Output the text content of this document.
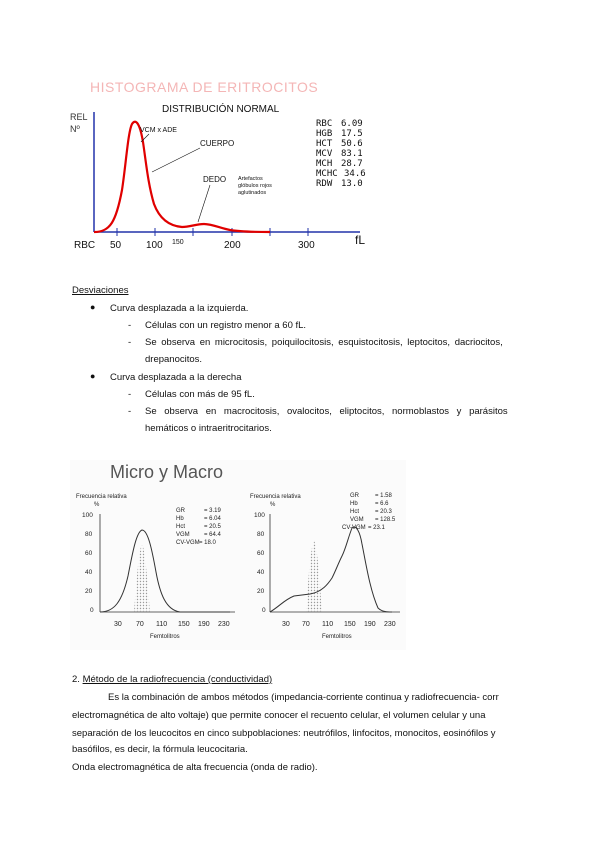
HISTOGRAMA DE ERITROCITOS
DISTRIBUCIÓN NORMAL
REL
Nº	VCM x ADE
CUERPO
DEDO Artefactos
glóbulos rojos
aglutinados
RBC 6.09
HGB 17.5
HCT 50.6
MCV 83.1
MCH 28.7
MCHC 34.6
RDW 13.0
RBC 50 100 150	200	300	fL
Desviaciones
● Curva desplazada a la izquierda.
- Células con un registro menor a 60 fL.
- Se observa en microcitosis, poiquilocitosis, esquistocitosis, leptocitos, dacriocitos,
drepanocitos.
● Curva desplazada a la derecha
- Células con más de 95 fL.
- Se observa en macrocitosis, ovalocitos, eliptocitos, normoblastos y parásitos
hemáticos o intraeritrocitarios.
Micro y Macro
Frecuencia relativa
%
100
80
60
40
20
0
GR	= 3.19
Hb	= 6.04
Hct	= 20.5
VGM = 64.4
CV-VGM = 18.0
30 70 110 150 190 230
Femtolitros
Frecuencia relativa
%
100
80
60
40
20
0
GR	= 1.58
Hb	= 6.6
Hct	= 20.3
VGM = 128.5
CV-VGM = 23.1
30 70 110 150 190 230
Femtolitros
2. Método de la radiofrecuencia (conductividad)
Es la combinación de ambos métodos (impedancia-corriente continua y radiofrecuencia- corr
electromagnética de alto voltaje) que permite conocer el recuento celular, el volumen celular y una
separación de los leucocitos en cinco subpoblaciones: neutrófilos, linfocitos, monocitos, eosinófilos y
basófilos, es decir, la fórmula leucocitaria.
Onda electromagnética de alta frecuencia (onda de radio).
